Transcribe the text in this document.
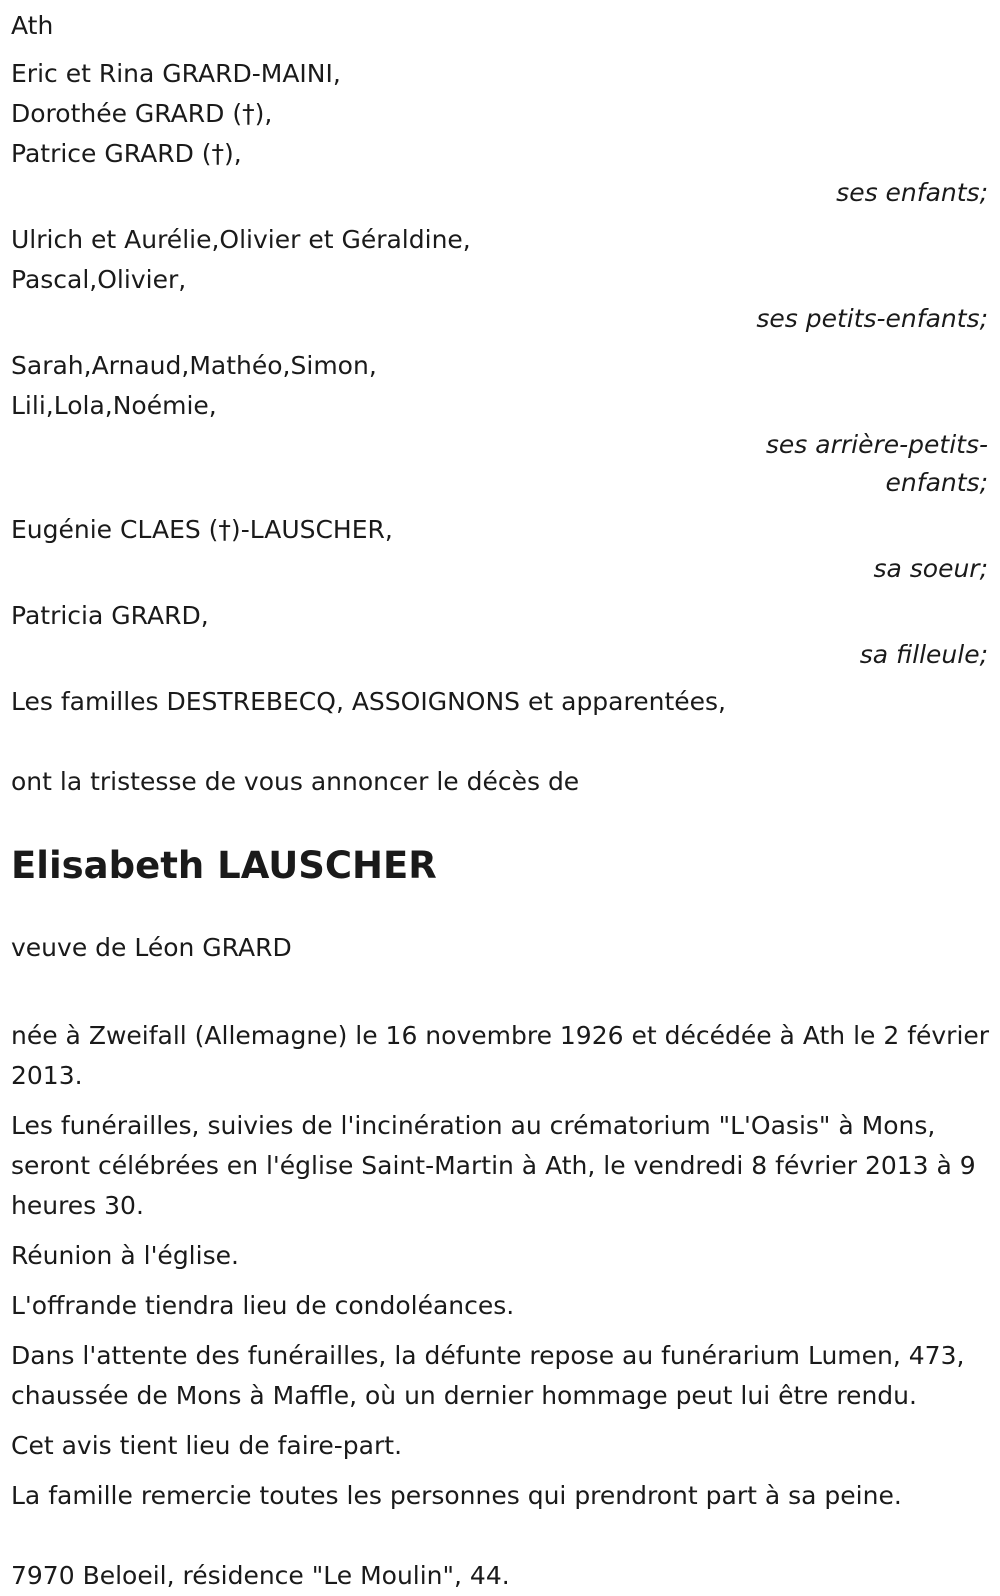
Ath
Eric et Rina GRARD-MAINI,
Dorothée GRARD (†),
Patrice GRARD (†),
ses enfants;
Ulrich et Aurélie,Olivier et Géraldine,
Pascal,Olivier,
ses petits-enfants;
Sarah,Arnaud,Mathéo,Simon,
Lili,Lola,Noémie,
ses arrière-petits-
enfants;
Eugénie CLAES (†)-LAUSCHER,
sa soeur;
Patricia GRARD,
sa filleule;
Les familles DESTREBECQ, ASSOIGNONS et apparentées,
ont la tristesse de vous annoncer le décès de
Elisabeth LAUSCHER
veuve de Léon GRARD
née à Zweifall (Allemagne) le 16 novembre 1926 et décédée à Ath le 2 février 2013.
Les funérailles, suivies de l'incinération au crématorium "L'Oasis" à Mons, seront célébrées en l'église Saint-Martin à Ath, le vendredi 8 février 2013 à 9 heures 30.
Réunion à l'église.
L'offrande tiendra lieu de condoléances.
Dans l'attente des funérailles, la défunte repose au funérarium Lumen, 473, chaussée de Mons à Maffle, où un dernier hommage peut lui être rendu.
Cet avis tient lieu de faire-part.
La famille remercie toutes les personnes qui prendront part à sa peine.
7970 Beloeil, résidence "Le Moulin", 44.
